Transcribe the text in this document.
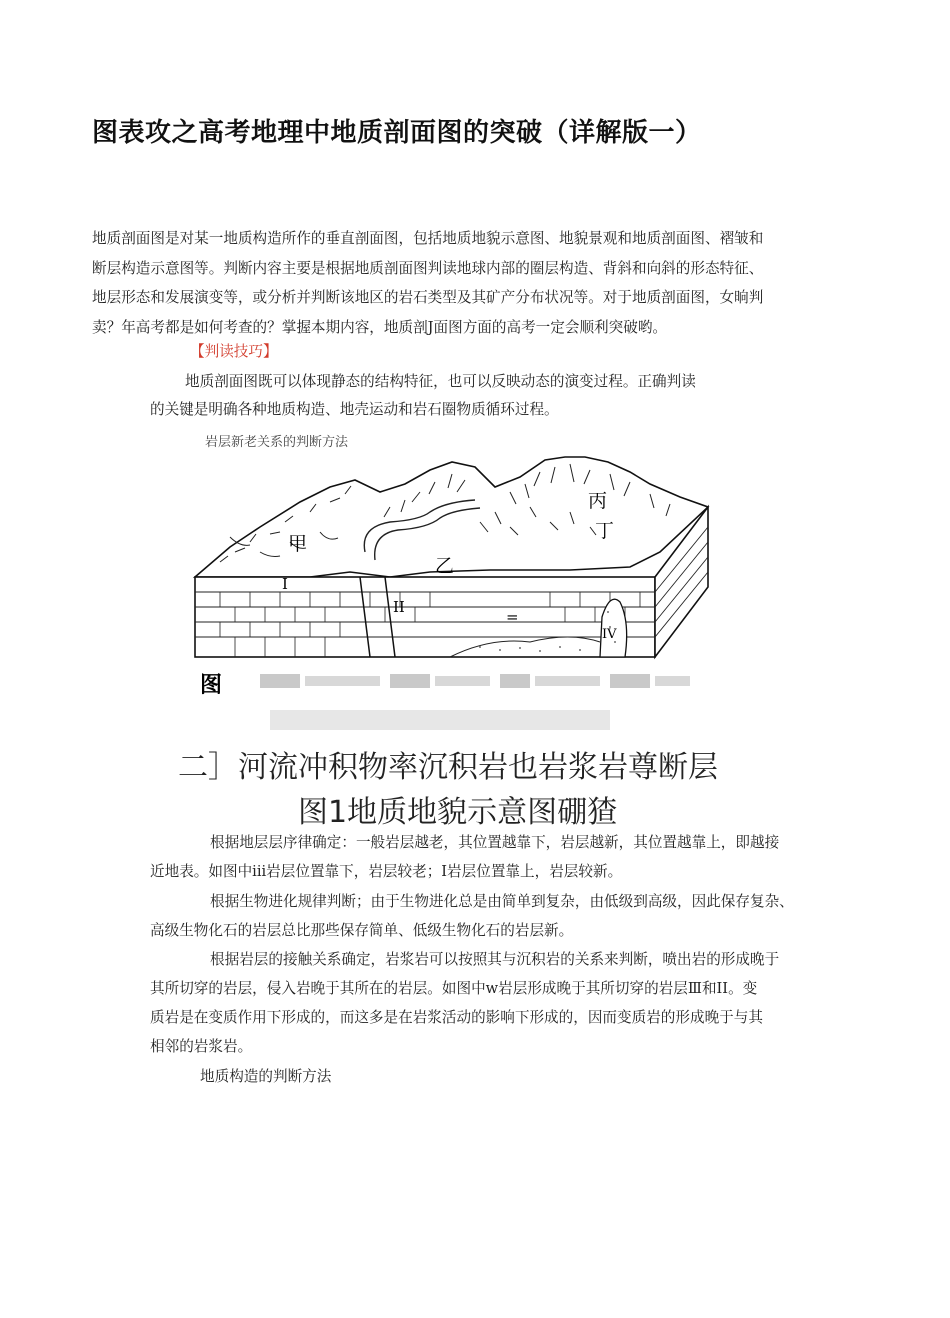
图表攻之高考地理中地质剖面图的突破（详解版一）
地质剖面图是对某一地质构造所作的垂直剖面图，包括地质地貌示意图、地貌景观和地质剖面图、褶皱和
断层构造示意图等。判断内容主要是根据地质剖面图判读地球内部的圈层构造、背斜和向斜的形态特征、
地层形态和发展演变等，或分析并判断该地区的岩石类型及其矿产分布状况等。对于地质剖面图，女晌判
卖？年高考都是如何考查的？掌握本期内容，地质剖J面图方面的高考一定会顺利突破哟。
【判读技巧】
地质剖面图既可以体现静态的结构特征，也可以反映动态的演变过程。正确判读
的关键是明确各种地质构造、地壳运动和岩石圈物质循环过程。
岩层新老关系的判断方法
甲
乙
丙
丁
I
II
=
IV
图
二］河流冲积物率沉积岩也岩浆岩尊断层
图1地质地貌示意图硼猹
根据地层层序律确定：一般岩层越老，其位置越靠下，岩层越新，其位置越靠上，即越接
近地表。如图中iii岩层位置靠下，岩层较老；I岩层位置靠上，岩层较新。
根据生物进化规律判断；由于生物进化总是由简单到复杂，由低级到高级，因此保存复杂、
高级生物化石的岩层总比那些保存简单、低级生物化石的岩层新。
根据岩层的接触关系确定，岩浆岩可以按照其与沉积岩的关系来判断，喷出岩的形成晚于
其所切穿的岩层，侵入岩晚于其所在的岩层。如图中w岩层形成晚于其所切穿的岩层Ⅲ和II。变
质岩是在变质作用下形成的，而这多是在岩浆活动的影响下形成的，因而变质岩的形成晚于与其
相邻的岩浆岩。
地质构造的判断方法
